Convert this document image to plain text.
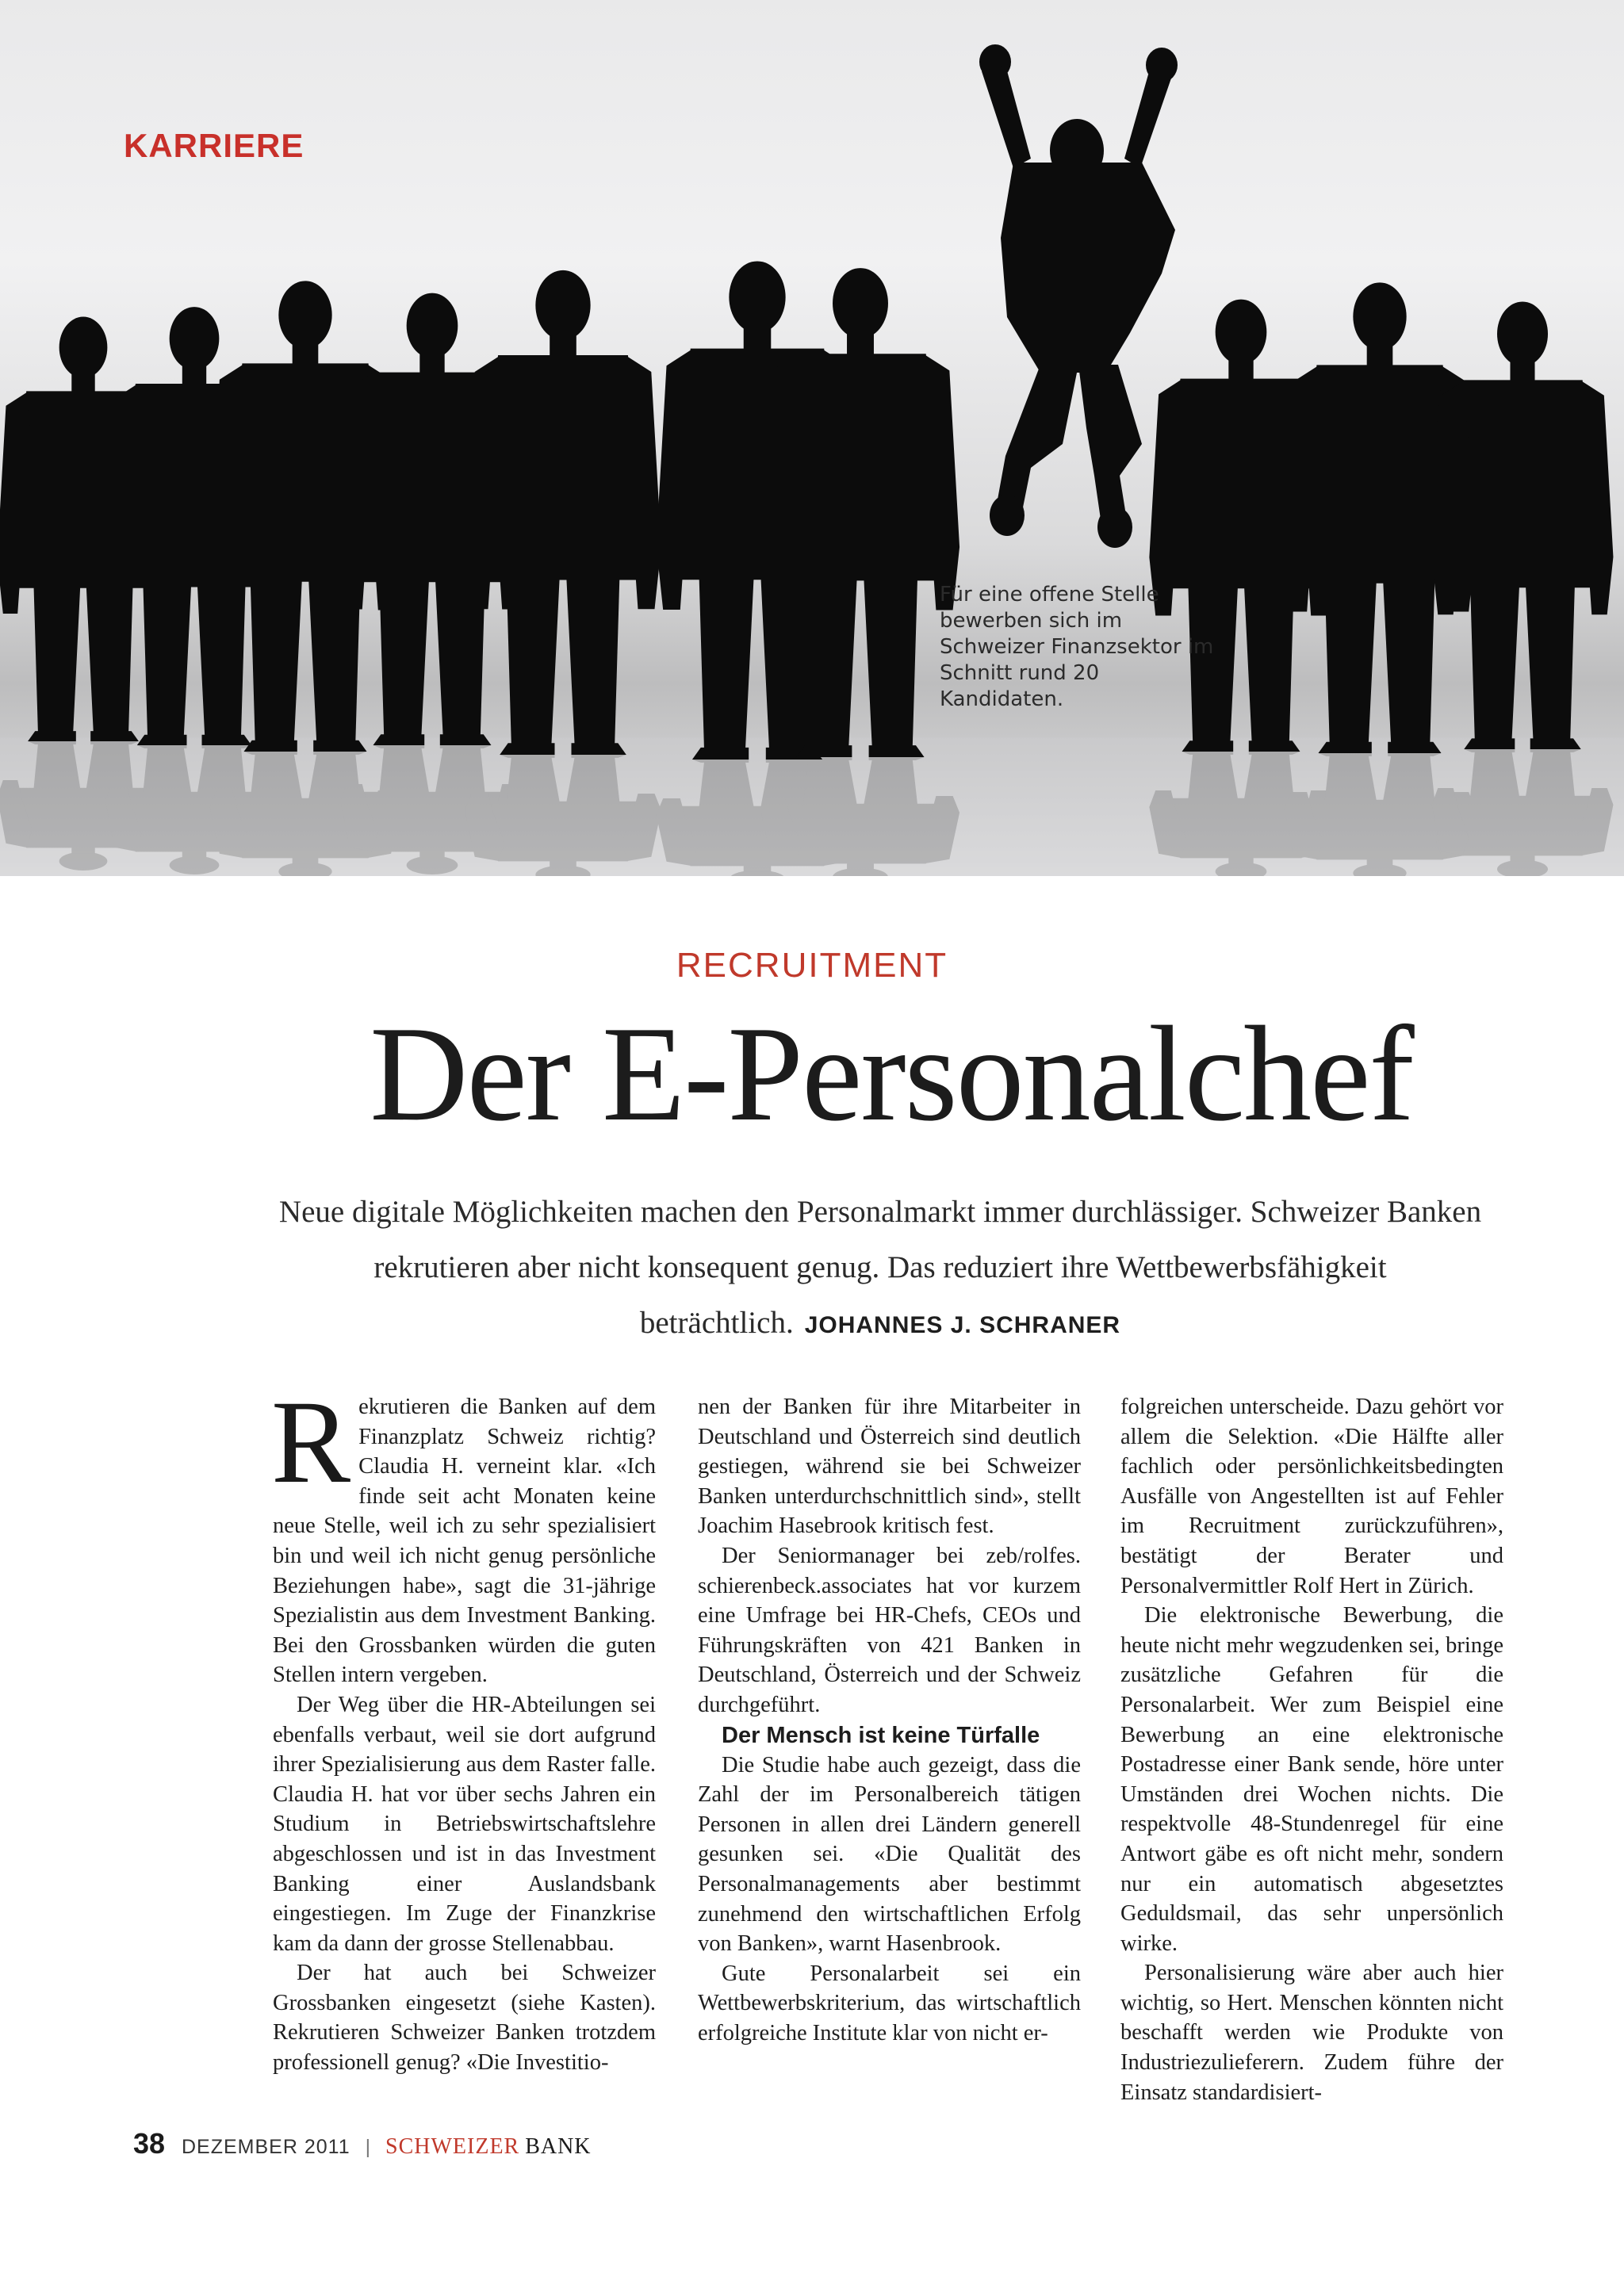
KARRIERE

Für eine offene Stelle bewerben sich im Schweizer Finanzsektor im Schnitt rund 20 Kandidaten.

RECRUITMENT

Der E-Personalchef

Neue digitale Möglichkeiten machen den Personalmarkt immer durchlässiger. Schweizer Banken rekrutieren aber nicht konsequent genug. Das reduziert ihre Wettbewerbsfähigkeit beträchtlich. JOHANNES J. SCHRANER

Rekrutieren die Banken auf dem Finanzplatz Schweiz richtig? Claudia H. verneint klar. «Ich finde seit acht Monaten keine neue Stelle, weil ich zu sehr spezialisiert bin und weil ich nicht genug persönliche Beziehungen habe», sagt die 31-jährige Spezialistin aus dem Investment Banking. Bei den Grossbanken würden die guten Stellen intern vergeben.

Der Weg über die HR-Abteilungen sei ebenfalls verbaut, weil sie dort aufgrund ihrer Spezialisierung aus dem Raster falle. Claudia H. hat vor über sechs Jahren ein Studium in Betriebswirtschaftslehre abgeschlossen und ist in das Investment Banking einer Auslandsbank eingestiegen. Im Zuge der Finanzkrise kam da dann der grosse Stellenabbau.

Der hat auch bei Schweizer Grossbanken eingesetzt (siehe Kasten). Rekrutieren Schweizer Banken trotzdem professionell genug? «Die Investitio-

nen der Banken für ihre Mitarbeiter in Deutschland und Österreich sind deutlich gestiegen, während sie bei Schweizer Banken unterdurchschnittlich sind», stellt Joachim Hasebrook kritisch fest.

Der Seniormanager bei zeb/rolfes. schierenbeck.associates hat vor kurzem eine Umfrage bei HR-Chefs, CEOs und Führungskräften von 421 Banken in Deutschland, Österreich und der Schweiz durchgeführt.

Der Mensch ist keine Türfalle

Die Studie habe auch gezeigt, dass die Zahl der im Personalbereich tätigen Personen in allen drei Ländern generell gesunken sei. «Die Qualität des Personalmanagements aber bestimmt zunehmend den wirtschaftlichen Erfolg von Banken», warnt Hasenbrook.

Gute Personalarbeit sei ein Wettbewerbskriterium, das wirtschaftlich erfolgreiche Institute klar von nicht er-

folgreichen unterscheide. Dazu gehört vor allem die Selektion. «Die Hälfte aller fachlich oder persönlichkeitsbedingten Ausfälle von Angestellten ist auf Fehler im Recruitment zurückzuführen», bestätigt der Berater und Personalvermittler Rolf Hert in Zürich.

Die elektronische Bewerbung, die heute nicht mehr wegzudenken sei, bringe zusätzliche Gefahren für die Personalarbeit. Wer zum Beispiel eine Bewerbung an eine elektronische Postadresse einer Bank sende, höre unter Umständen drei Wochen nichts. Die respektvolle 48-Stundenregel für eine Antwort gäbe es oft nicht mehr, sondern nur ein automatisch abgesetztes Geduldsmail, das sehr unpersönlich wirke.

Personalisierung wäre aber auch hier wichtig, so Hert. Menschen könnten nicht beschafft werden wie Produkte von Industriezulieferern. Zudem führe der Einsatz standardisiert-

38 DEZEMBER 2011 | SCHWEIZER BANK
